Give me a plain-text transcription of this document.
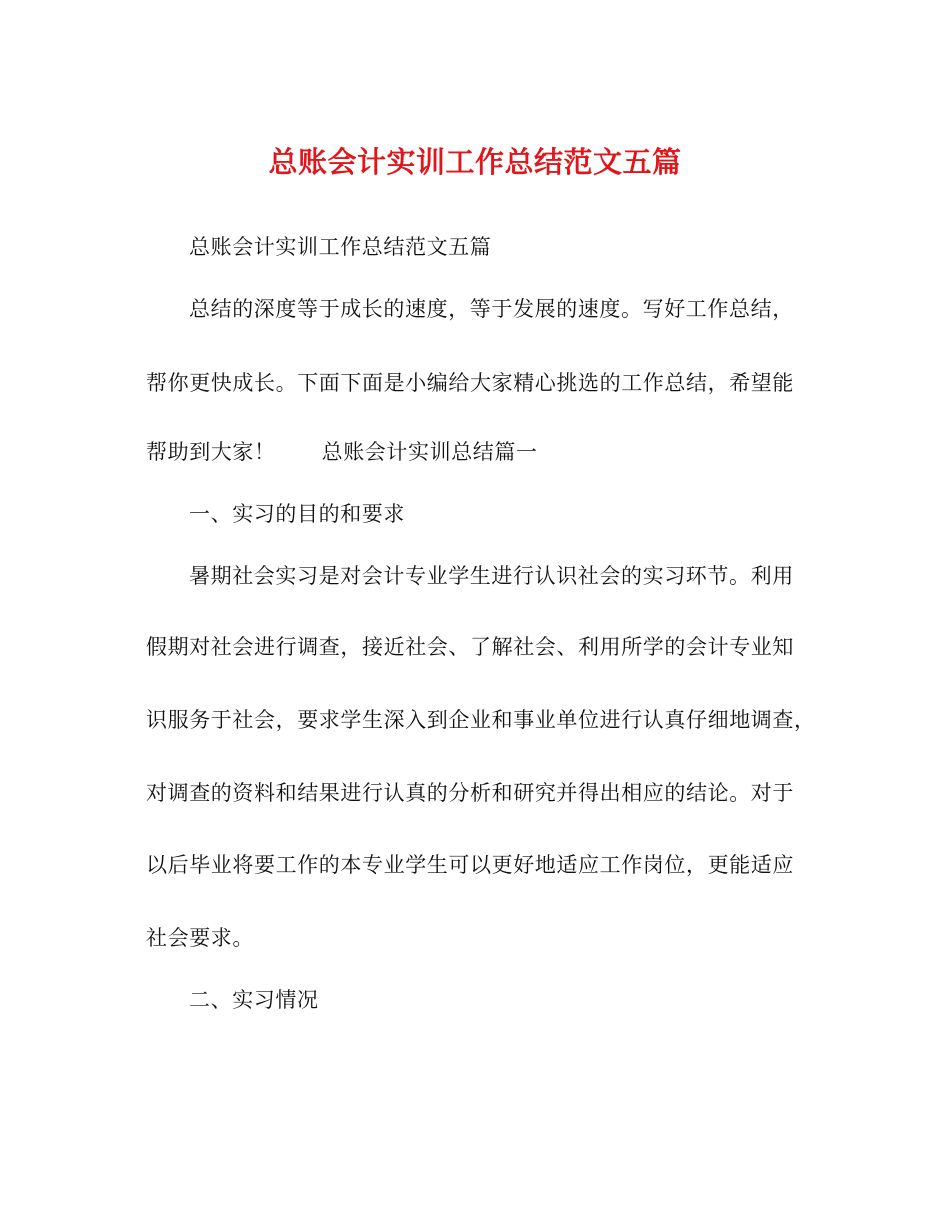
总账会计实训工作总结范文五篇
总账会计实训工作总结范文五篇
总结的深度等于成长的速度，等于发展的速度。写好工作总结，
帮你更快成长。下面下面是小编给大家精心挑选的工作总结，希望能
帮助到大家！ 总账会计实训总结篇一
一、实习的目的和要求
暑期社会实习是对会计专业学生进行认识社会的实习环节。利用
假期对社会进行调查，接近社会、了解社会、利用所学的会计专业知
识服务于社会，要求学生深入到企业和事业单位进行认真仔细地调查，
对调查的资料和结果进行认真的分析和研究并得出相应的结论。对于
以后毕业将要工作的本专业学生可以更好地适应工作岗位，更能适应
社会要求。
二、实习情况
